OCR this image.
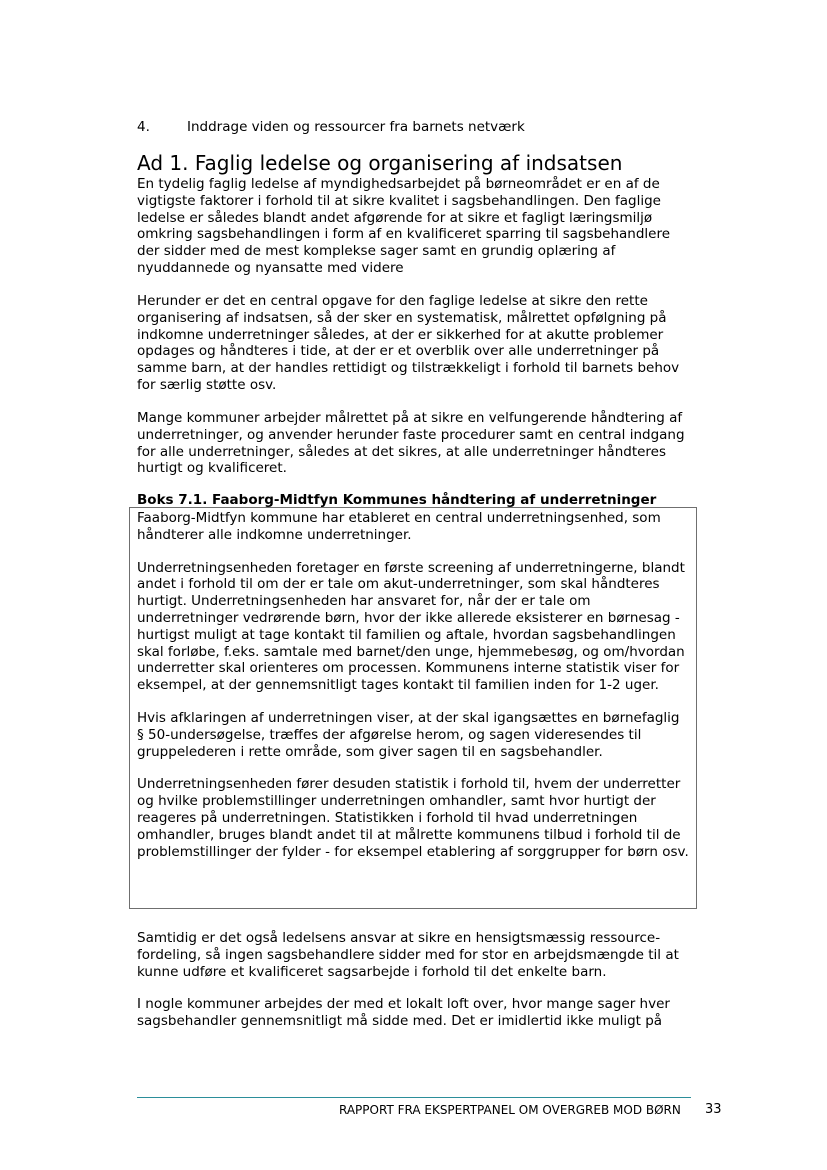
4.	Inddrage viden og ressourcer fra barnets netværk
Ad 1. Faglig ledelse og organisering af indsatsen

En tydelig faglig ledelse af myndighedsarbejdet på børneområdet er en af de vigtigste faktorer i forhold til at sikre kvalitet i sagsbehandlingen. Den faglige ledelse er således blandt andet afgørende for at sikre et fagligt læringsmiljø omkring sagsbehandlingen i form af en kvalificeret sparring til sagsbehandlere der sidder med de mest komplekse sager samt en grundig oplæring af nyuddannede og nyansatte med videre

Herunder er det en central opgave for den faglige ledelse at sikre den rette organisering af indsatsen, så der sker en systematisk, målrettet opfølgning på indkomne underretninger således, at der er sikkerhed for at akutte problemer opdages og håndteres i tide, at der er et overblik over alle underretninger på samme barn, at der handles rettidigt og tilstrækkeligt i forhold til barnets behov for særlig støtte osv.

Mange kommuner arbejder målrettet på at sikre en velfungerende håndtering af underretninger, og anvender herunder faste procedurer samt en central indgang for alle underretninger, således at det sikres, at alle underretninger håndteres hurtigt og kvalificeret.

Boks 7.1. Faaborg-Midtfyn Kommunes håndtering af underretninger

Faaborg-Midtfyn kommune har etableret en central underretningsenhed, som håndterer alle indkomne underretninger.

Underretningsenheden foretager en første screening af underretningerne, blandt andet i forhold til om der er tale om akut-underretninger, som skal håndteres hurtigt. Underretningsenheden har ansvaret for, når der er tale om underretninger vedrørende børn, hvor der ikke allerede eksisterer en børnesag - hurtigst muligt at tage kontakt til familien og aftale, hvordan sagsbehandlingen skal forløbe, f.eks. samtale med barnet/den unge, hjemmebesøg, og om/hvordan underretter skal orienteres om processen. Kommunens interne statistik viser for eksempel, at der gennemsnitligt tages kontakt til familien inden for 1-2 uger.

Hvis afklaringen af underretningen viser, at der skal igangsættes en børnefaglig § 50-undersøgelse, træffes der afgørelse herom, og sagen videresendes til gruppelederen i rette område, som giver sagen til en sagsbehandler.

Underretningsenheden fører desuden statistik i forhold til, hvem der underretter og hvilke problemstillinger underretningen omhandler, samt hvor hurtigt der reageres på underretningen. Statistikken i forhold til hvad underretningen omhandler, bruges blandt andet til at målrette kommunens tilbud i forhold til de problemstillinger der fylder - for eksempel etablering af sorggrupper for børn osv.

Samtidig er det også ledelsens ansvar at sikre en hensigtsmæssig ressource-fordeling, så ingen sagsbehandlere sidder med for stor en arbejdsmængde til at kunne udføre et kvalificeret sagsarbejde i forhold til det enkelte barn.

I nogle kommuner arbejdes der med et lokalt loft over, hvor mange sager hver sagsbehandler gennemsnitligt må sidde med. Det er imidlertid ikke muligt på

RAPPORT FRA EKSPERTPANEL OM OVERGREB MOD BØRN 33
